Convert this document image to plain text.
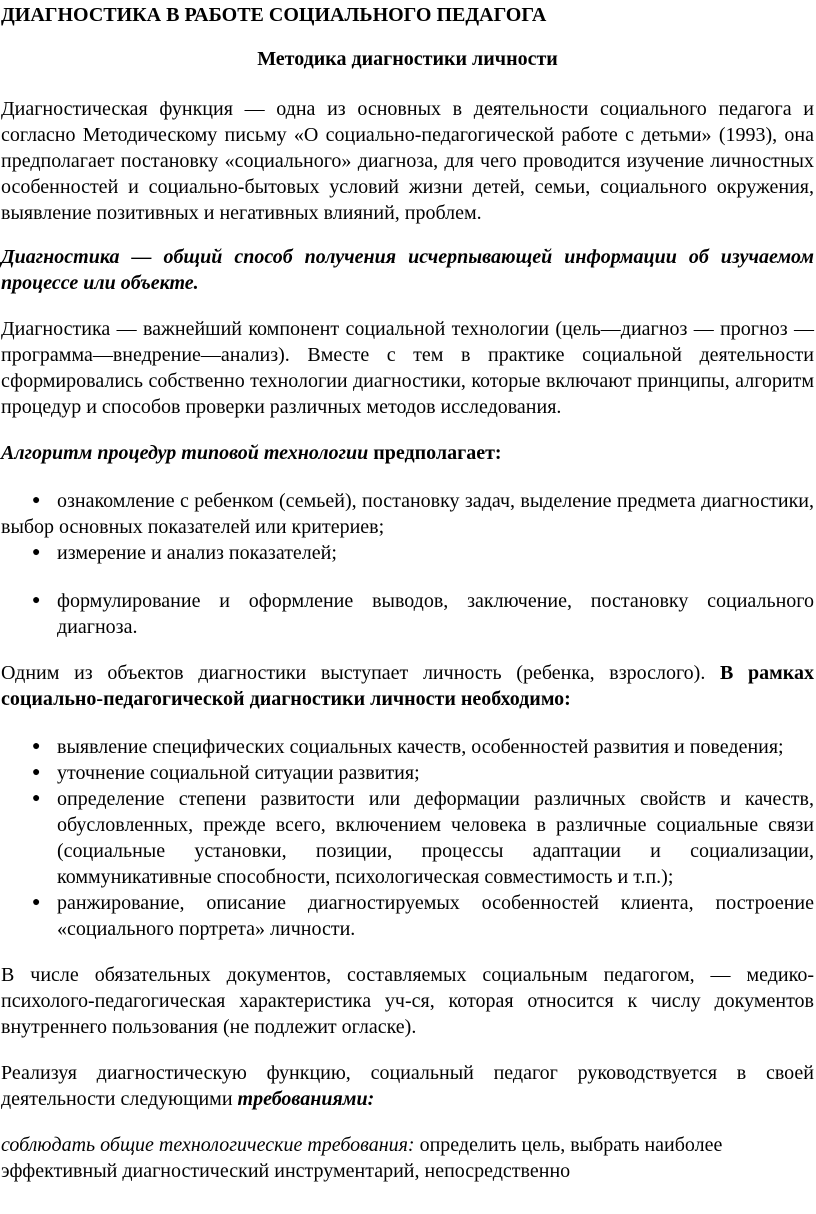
ДИАГНОСТИКА В РАБОТЕ СОЦИАЛЬНОГО ПЕДАГОГА
Методика диагностики личности

Диагностическая функция — одна из основных в деятельности социального педагога и согласно Методическому письму «О социально-педагогической работе с детьми» (1993), она предполагает постановку «социального» диагноза, для чего проводится изучение личностных особенностей и социально-бытовых условий жизни детей, семьи, социального окружения, выявление позитивных и негативных влияний, проблем.

Диагностика — общий способ получения исчерпывающей информации об изучаемом процессе или объекте.

Диагностика — важнейший компонент социальной технологии (цель—диагноз — прогноз — программа—внедрение—анализ). Вместе с тем в практике социальной деятельности сформировались собственно технологии диагностики, которые включают принципы, алгоритм процедур и способов проверки различных методов исследования.

Алгоритм процедур типовой технологии предполагает:

● ознакомление с ребенком (семьей), постановку задач, выделение предмета диагностики, выбор основных показателей или критериев;
● измерение и анализ показателей;
● формулирование и оформление выводов, заключение, постановку социального диагноза.

Одним из объектов диагностики выступает личность (ребенка, взрослого). В рамках социально-педагогической диагностики личности необходимо:

● выявление специфических социальных качеств, особенностей развития и поведения;
● уточнение социальной ситуации развития;
● определение степени развитости или деформации различных свойств и качеств, обусловленных, прежде всего, включением человека в различные социальные связи (социальные установки, позиции, процессы адаптации и социализации, коммуникативные способности, психологическая совместимость и т.п.);
● ранжирование, описание диагностируемых особенностей клиента, построение «социального портрета» личности.

В числе обязательных документов, составляемых социальным педагогом, — медико-психолого-педагогическая характеристика уч-ся, которая относится к числу документов внутреннего пользования (не подлежит огласке).

Реализуя диагностическую функцию, социальный педагог руководствуется в своей деятельности следующими требованиями:

соблюдать общие технологические требования: определить цель, выбрать наиболее эффективный диагностический инструментарий, непосредственно
